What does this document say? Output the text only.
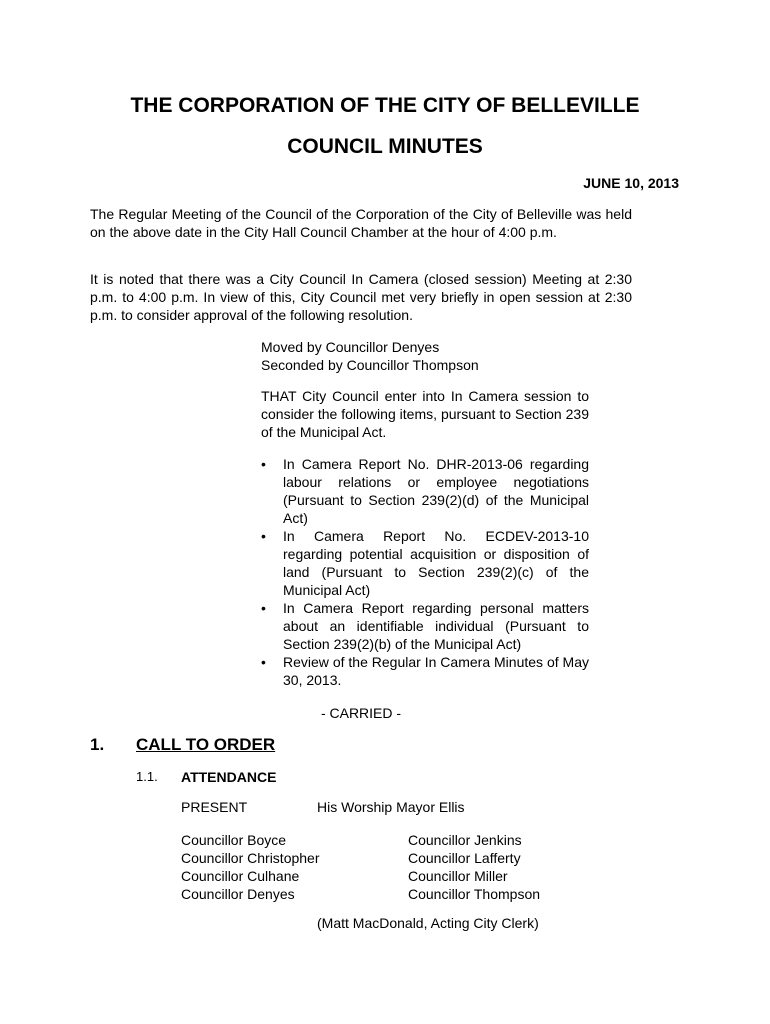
THE CORPORATION OF THE CITY OF BELLEVILLE
COUNCIL MINUTES

JUNE 10, 2013

The Regular Meeting of the Council of the Corporation of the City of Belleville was held on the above date in the City Hall Council Chamber at the hour of 4:00 p.m.

It is noted that there was a City Council In Camera (closed session) Meeting at 2:30 p.m. to 4:00 p.m. In view of this, City Council met very briefly in open session at 2:30 p.m. to consider approval of the following resolution.

Moved by Councillor Denyes

Seconded by Councillor Thompson

THAT City Council enter into In Camera session to consider the following items, pursuant to Section 239 of the Municipal Act.

• In Camera Report No. DHR-2013-06 regarding labour relations or employee negotiations (Pursuant to Section 239(2)(d) of the Municipal Act)
• In Camera Report No. ECDEV-2013-10 regarding potential acquisition or disposition of land (Pursuant to Section 239(2)(c) of the Municipal Act)
• In Camera Report regarding personal matters about an identifiable individual (Pursuant to Section 239(2)(b) of the Municipal Act)
• Review of the Regular In Camera Minutes of May 30, 2013.

- CARRIED -

1. CALL TO ORDER

1.1. ATTENDANCE

PRESENT	His Worship Mayor Ellis

Councillor Boyce
Councillor Christopher
Councillor Culhane
Councillor Denyes
Councillor Jenkins
Councillor Lafferty
Councillor Miller
Councillor Thompson

(Matt MacDonald, Acting City Clerk)
